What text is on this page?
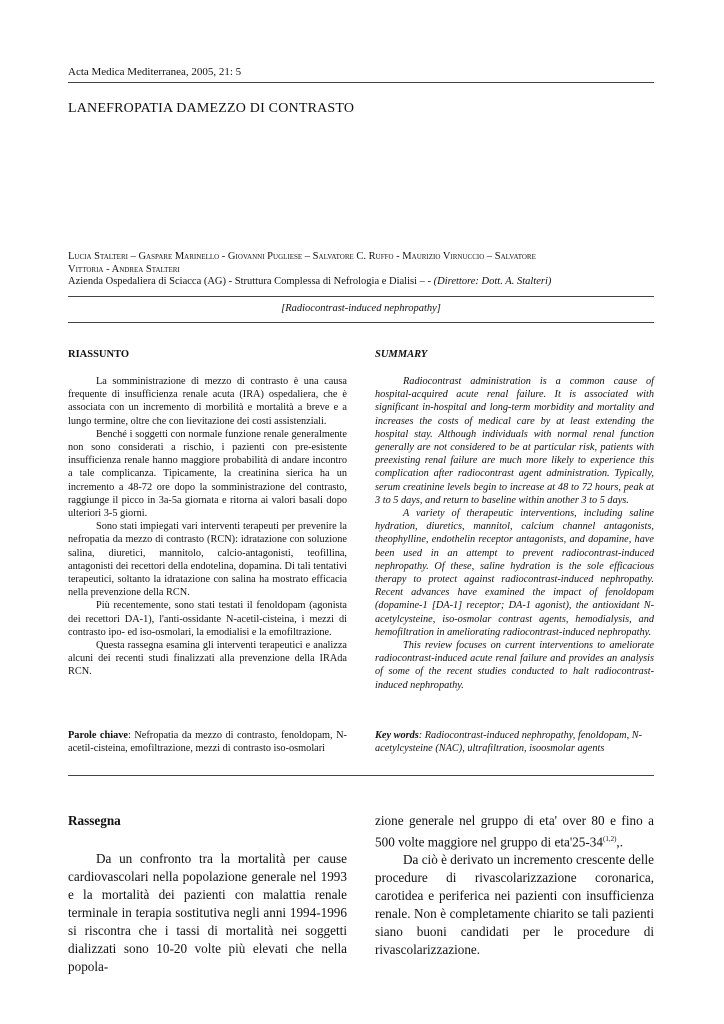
Acta Medica Mediterranea, 2005, 21: 5
LANEFROPATIA DAMEZZO DI CONTRASTO
Lucia Stalteri – Gaspare Marinello - Giovanni Pugliese – Salvatore C. Ruffo - Maurizio Virnuccio – Salvatore
Vittoria - Andrea Stalteri
Azienda Ospedaliera di Sciacca (AG) - Struttura Complessa di Nefrologia e Dialisi – - (Direttore: Dott. A. Stalteri)
[Radiocontrast-induced nephropathy]
RIASSUNTO

La somministrazione di mezzo di contrasto è una causa frequente di insufficienza renale acuta (IRA) ospedaliera, che è associata con un incremento di morbilità e mortalità a breve e a lungo termine, oltre che con lievitazione dei costi assistenziali.

Benché i soggetti con normale funzione renale generalmente non sono considerati a rischio, i pazienti con pre-esistente insufficienza renale hanno maggiore probabilità di andare incontro a tale complicanza. Tipicamente, la creatinina sierica ha un incremento a 48-72 ore dopo la somministrazione del contrasto, raggiunge il picco in 3a-5a giornata e ritorna ai valori basali dopo ulteriori 3-5 giorni.

Sono stati impiegati vari interventi terapeuti per prevenire la nefropatia da mezzo di contrasto (RCN): idratazione con soluzione salina, diuretici, mannitolo, calcio-antagonisti, teofillina, antagonisti dei recettori della endotelina, dopamina. Di tali tentativi terapeutici, soltanto la idratazione con salina ha mostrato efficacia nella prevenzione della RCN.

Più recentemente, sono stati testati il fenoldopam (agonista dei recettori DA-1), l'anti-ossidante N-acetil-cisteina, i mezzi di contrasto ipo- ed iso-osmolari, la emodialisi e la emofiltrazione.

Questa rassegna esamina gli interventi terapeutici e analizza alcuni dei recenti studi finalizzati alla prevenzione della IRAda RCN.

Parole chiave: Nefropatia da mezzo di contrasto, fenoldopam, N-acetil-cisteina, emofiltrazione, mezzi di contrasto iso-osmolari
SUMMARY

Radiocontrast administration is a common cause of hospital-acquired acute renal failure. It is associated with significant in-hospital and long-term morbidity and mortality and increases the costs of medical care by at least extending the hospital stay. Although individuals with normal renal function generally are not considered to be at particular risk, patients with preexisting renal failure are much more likely to experience this complication after radiocontrast agent administration. Typically, serum creatinine levels begin to increase at 48 to 72 hours, peak at 3 to 5 days, and return to baseline within another 3 to 5 days.

A variety of therapeutic interventions, including saline hydration, diuretics, mannitol, calcium channel antagonists, theophylline, endothelin receptor antagonists, and dopamine, have been used in an attempt to prevent radiocontrast-induced nephropathy. Of these, saline hydration is the sole efficacious therapy to protect against radiocontrast-induced nephropathy. Recent advances have examined the impact of fenoldopam (dopamine-1 [DA-1] receptor; DA-1 agonist), the antioxidant N-acetylcysteine, iso-osmolar contrast agents, hemodialysis, and hemofiltration in ameliorating radiocontrast-induced nephropathy.

This review focuses on current interventions to ameliorate radiocontrast-induced acute renal failure and provides an analysis of some of the recent studies conducted to halt radiocontrast-induced nephropathy.

Key words: Radiocontrast-induced nephropathy, fenoldopam, N-acetylcysteine (NAC), ultrafiltration, isoosmolar agents
Rassegna

Da un confronto tra la mortalità per cause cardiovascolari nella popolazione generale nel 1993 e la mortalità dei pazienti con malattia renale terminale in terapia sostitutiva negli anni 1994-1996 si riscontra che i tassi di mortalità nei soggetti dializzati sono 10-20 volte più elevati che nella popola-

zione generale nel gruppo di eta' over 80 e fino a 500 volte maggiore nel gruppo di eta'25-34$^{(1,2)}$,.

Da ciò è derivato un incremento crescente delle procedure di rivascolarizzazione coronarica, carotidea e periferica nei pazienti con insufficienza renale. Non è completamente chiarito se tali pazienti siano buoni candidati per le procedure di rivascolarizzazione.
